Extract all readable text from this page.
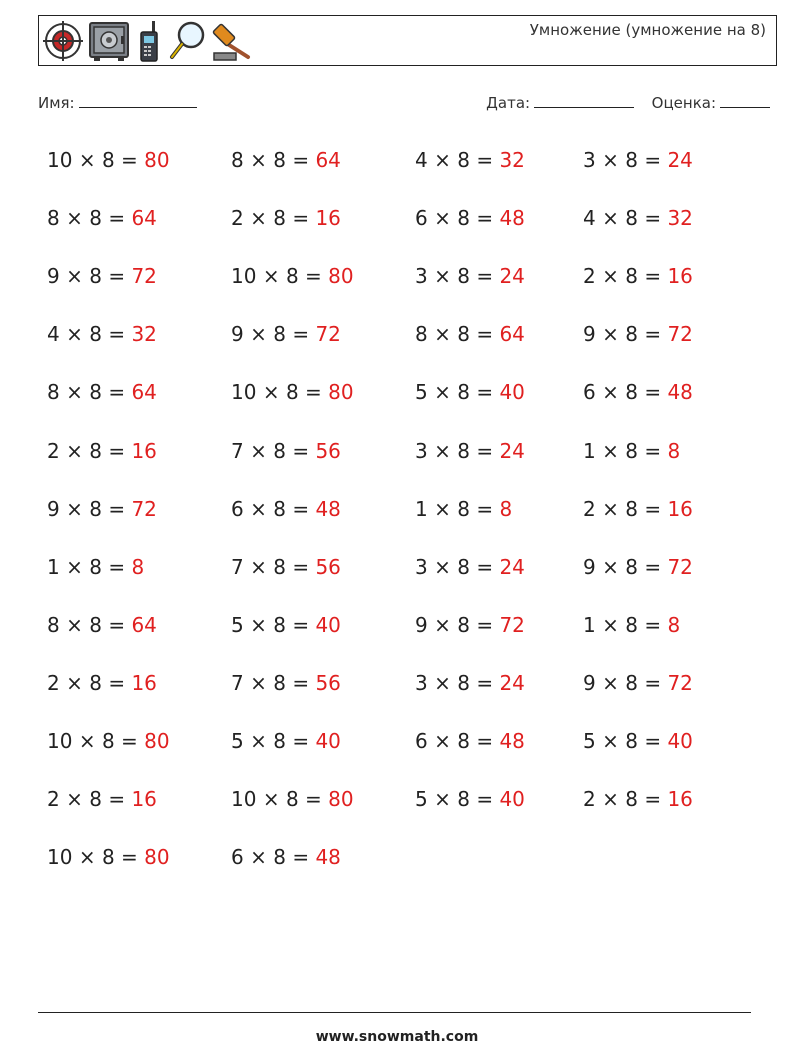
Умножение (умножение на 8)
Имя:	Дата:	Оценка:
10 × 8 = 80
8 × 8 = 64
9 × 8 = 72
4 × 8 = 32
8 × 8 = 64
2 × 8 = 16
9 × 8 = 72
1 × 8 = 8
8 × 8 = 64
2 × 8 = 16
10 × 8 = 80
2 × 8 = 16
10 × 8 = 80
8 × 8 = 64
2 × 8 = 16
10 × 8 = 80
9 × 8 = 72
10 × 8 = 80
7 × 8 = 56
6 × 8 = 48
7 × 8 = 56
5 × 8 = 40
7 × 8 = 56
5 × 8 = 40
10 × 8 = 80
6 × 8 = 48
4 × 8 = 32
6 × 8 = 48
3 × 8 = 24
8 × 8 = 64
5 × 8 = 40
3 × 8 = 24
1 × 8 = 8
3 × 8 = 24
9 × 8 = 72
3 × 8 = 24
6 × 8 = 48
5 × 8 = 40
3 × 8 = 24
4 × 8 = 32
2 × 8 = 16
9 × 8 = 72
6 × 8 = 48
1 × 8 = 8
2 × 8 = 16
9 × 8 = 72
1 × 8 = 8
9 × 8 = 72
5 × 8 = 40
2 × 8 = 16
www.snowmath.com
